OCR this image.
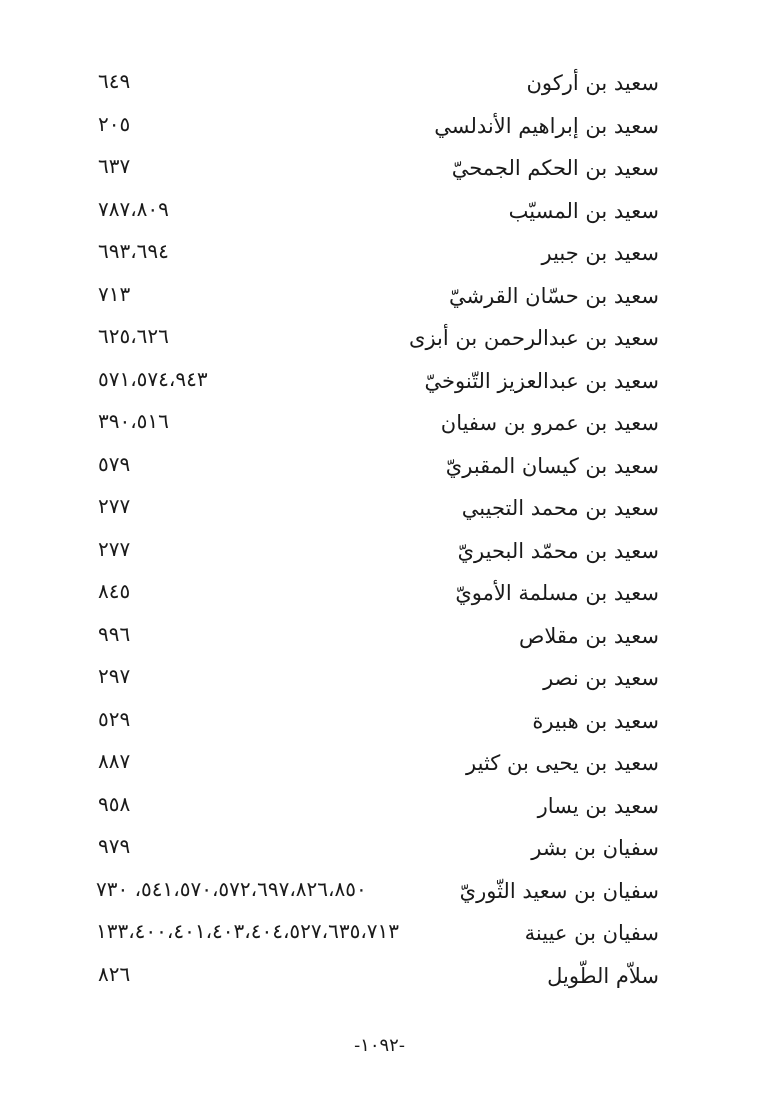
سعيد بن أركون
٦٤٩
سعيد بن إبراهيم الأندلسي
٢٠٥
سعيد بن الحكم الجمحيّ
٦٣٧
سعيد بن المسيّب
٧٨٧،٨٠٩
سعيد بن جبير
٦٩٣،٦٩٤
سعيد بن حسّان القرشيّ
٧١٣
سعيد بن عبدالرحمن بن أبزى
٦٢٥،٦٢٦
سعيد بن عبدالعزيز التّنوخيّ
٥٧١،٥٧٤،٩٤٣
سعيد بن عمرو بن سفيان
٣٩٠،٥١٦
سعيد بن كيسان المقبريّ
٥٧٩
سعيد بن محمد التجيبي
٢٧٧
سعيد بن محمّد البحيريّ
٢٧٧
سعيد بن مسلمة الأمويّ
٨٤٥
سعيد بن مقلاص
٩٩٦
سعيد بن نصر
٢٩٧
سعيد بن هبيرة
٥٢٩
سعيد بن يحيى بن كثير
٨٨٧
سعيد بن يسار
٩٥٨
سفيان بن بشر
٩٧٩
سفيان بن سعيد الثّوريّ
٥٤١،٥٧٠،٥٧٢،٦٩٧،٨٢٦،٨٥٠، ٧٣٠
سفيان بن عيينة
١٣٣،٤٠٠،٤٠١،٤٠٣،٤٠٤،٥٢٧،٦٣٥،٧١٣
سلاّم الطّويل
٨٢٦
-١٠٩٢-
